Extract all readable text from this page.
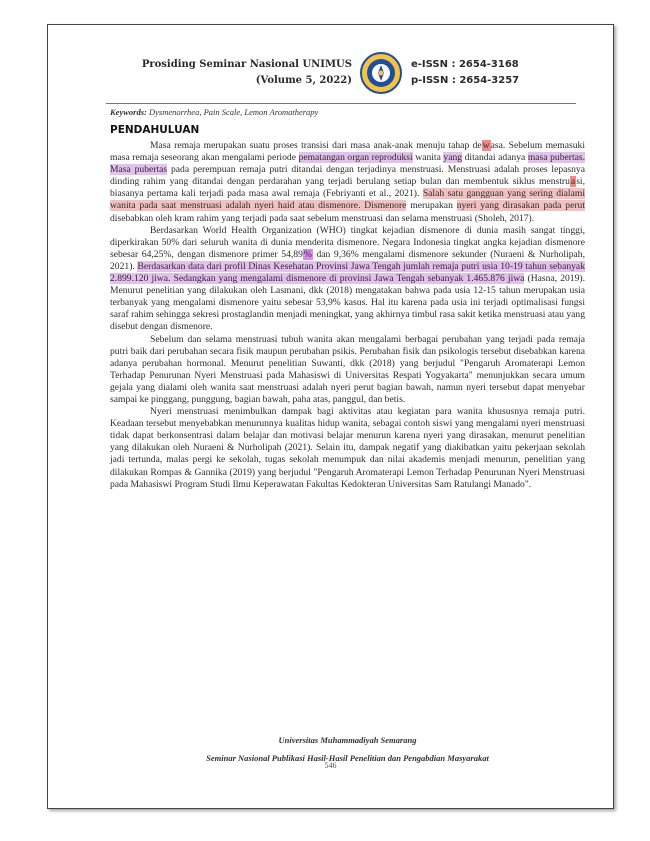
Prosiding Seminar Nasional UNIMUS
(Volume 5, 2022)
e-ISSN : 2654-3168
p-ISSN : 2654-3257
Keywords: Dysmenorrhea, Pain Scale, Lemon Aromatherapy
PENDAHULUAN

Masa remaja merupakan suatu proses transisi dari masa anak-anak menuju tahap dewasa. Sebelum memasuki masa remaja seseorang akan mengalami periode pematangan organ reproduksi wanita yang ditandai adanya masa pubertas. Masa pubertas pada perempuan remaja putri ditandai dengan terjadinya menstruasi. Menstruasi adalah proses lepasnya dinding rahim yang ditandai dengan perdarahan yang terjadi berulang setiap bulan dan membentuk siklus menstruasi, biasanya pertama kali terjadi pada masa awal remaja (Febriyanti et al., 2021). Salah satu gangguan yang sering dialami wanita pada saat menstruasi adalah nyeri haid atau dismenore. Dismenore merupakan nyeri yang dirasakan pada perut disebabkan oleh kram rahim yang terjadi pada saat sebelum menstruasi dan selama menstruasi (Sholeh, 2017).

Berdasarkan World Health Organization (WHO) tingkat kejadian dismenore di dunia masih sangat tinggi, diperkirakan 50% dari seluruh wanita di dunia menderita dismenore. Negara Indonesia tingkat angka kejadian dismenore sebesar 64,25%, dengan dismenore primer 54,89% dan 9,36% mengalami dismenore sekunder (Nuraeni & Nurholipah, 2021). Berdasarkan data dari profil Dinas Kesehatan Provinsi Jawa Tengah jumlah remaja putri usia 10-19 tahun sebanyak 2.899.120 jiwa. Sedangkan yang mengalami dismenore di provinsi Jawa Tengah sebanyak 1.465.876 jiwa (Hasna, 2019). Menurut penelitian yang dilakukan oleh Lasmani, dkk (2018) mengatakan bahwa pada usia 12-15 tahun merupakan usia terbanyak yang mengalami dismenore yaitu sebesar 53,9% kasus. Hal itu karena pada usia ini terjadi optimalisasi fungsi saraf rahim sehingga sekresi prostaglandin menjadi meningkat, yang akhirnya timbul rasa sakit ketika menstruasi atau yang disebut dengan dismenore.

Sebelum dan selama menstruasi tubuh wanita akan mengalami berbagai perubahan yang terjadi pada remaja putri baik dari perubahan secara fisik maupun perubahan psikis. Perubahan fisik dan psikologis tersebut disebabkan karena adanya perubahan hormonal. Menurut penelitian Suwanti, dkk (2018) yang berjudul "Pengaruh Aromaterapi Lemon Terhadap Penurunan Nyeri Menstruasi pada Mahasiswi di Universitas Respati Yogyakarta" menunjukkan secara umum gejala yang dialami oleh wanita saat menstruasi adalah nyeri perut bagian bawah, namun nyeri tersebut dapat menyebar sampai ke pinggang, punggung, bagian bawah, paha atas, panggul, dan betis.

Nyeri menstruasi menimbulkan dampak bagi aktivitas atau kegiatan para wanita khususnya remaja putri. Keadaan tersebut menyebabkan menurunnya kualitas hidup wanita, sebagai contoh siswi yang mengalami nyeri menstruasi tidak dapat berkonsentrasi dalam belajar dan motivasi belajar menurun karena nyeri yang dirasakan, menurut penelitian yang dilakukan oleh Nuraeni & Nurholipah (2021). Selain itu, dampak negatif yang diakibatkan yaitu pekerjaan sekolah jadi tertunda, malas pergi ke sekolah, tugas sekolah menumpuk dan nilai akademis menjadi menurun, penelitian yang dilakukan Rompas & Gannika (2019) yang berjudul "Pengaruh Aromaterapi Lemon Terhadap Penurunan Nyeri Menstruasi pada Mahasiswi Program Studi Ilmu Keperawatan Fakultas Kedokteran Universitas Sam Ratulangi Manado".

Universitas Muhammadiyah Semarang
Seminar Nasional Publikasi Hasil-Hasil Penelitian dan Pengabdian Masyarakat
546
